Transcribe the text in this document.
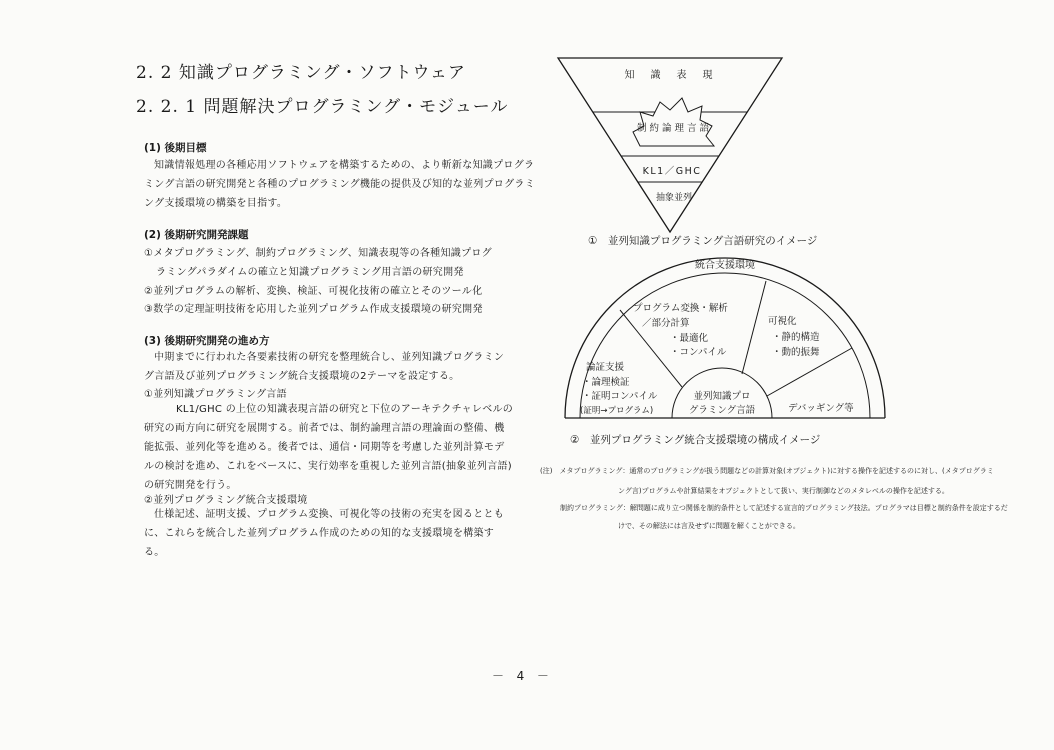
2. 2 知識プログラミング・ソフトウェア
2. 2. 1 問題解決プログラミング・モジュール
(1) 後期目標
知識情報処理の各種応用ソフトウェアを構築するための、より斬新な知識プログラミング言語の研究開発と各種のプログラミング機能の提供及び知的な並列プログラミング支援環境の構築を目指す。
(2) 後期研究開発課題
①メタプログラミング、制約プログラミング、知識表現等の各種知識プログ
ラミングパラダイムの確立と知識プログラミング用言語の研究開発
②並列プログラムの解析、変換、検証、可視化技術の確立とそのツール化
③数学の定理証明技術を応用した並列プログラム作成支援環境の研究開発
(3) 後期研究開発の進め方
中期までに行われた各要素技術の研究を整理統合し、並列知識プログラミング言語及び並列プログラミング統合支援環境の2テーマを設定する。
①並列知識プログラミング言語
KL1/GHC の上位の知識表現言語の研究と下位のアーキテクチャレベルの研究の両方向に研究を展開する。前者では、制約論理言語の理論面の整備、機能拡張、並列化等を進める。後者では、通信・同期等を考慮した並列計算モデルの検討を進め、これをベースに、実行効率を重視した並列言語(抽象並列言語)の研究開発を行う。
②並列プログラミング統合支援環境
仕様記述、証明支援、プログラム変換、可視化等の技術の充実を図るとともに、これらを統合した並列プログラム作成のための知的な支援環境を構築する。
知　識　表　現
制 約 論 理 言 語
KL1／GHC
抽象並列
①　並列知識プログラミング言語研究のイメージ
統合支援環境
プログラム変換・解析
／部分計算
・最適化
・コンパイル
可視化
・静的構造
・動的振舞
論証支援
・論理検証
・証明コンパイル
(証明→プログラム)
並列知識プロ
グラミング言語	デバッギング等
②　並列プログラミング統合支援環境の構成イメージ
(注)　メタプログラミング：通常のプログラミングが扱う問題などの計算対象(オブジェクト)に対する操作を記述するのに対し、(メタプログラミ
ング言)プログラムや計算結果をオブジェクトとして扱い、実行制御などのメタレベルの操作を記述する。
制約プログラミング：解問題に成り立つ関係を制約条件として記述する宣言的プログラミング技法。プログラマは目標と制約条件を設定するだ
けで、その解法には言及せずに問題を解くことができる。
－　4　－
